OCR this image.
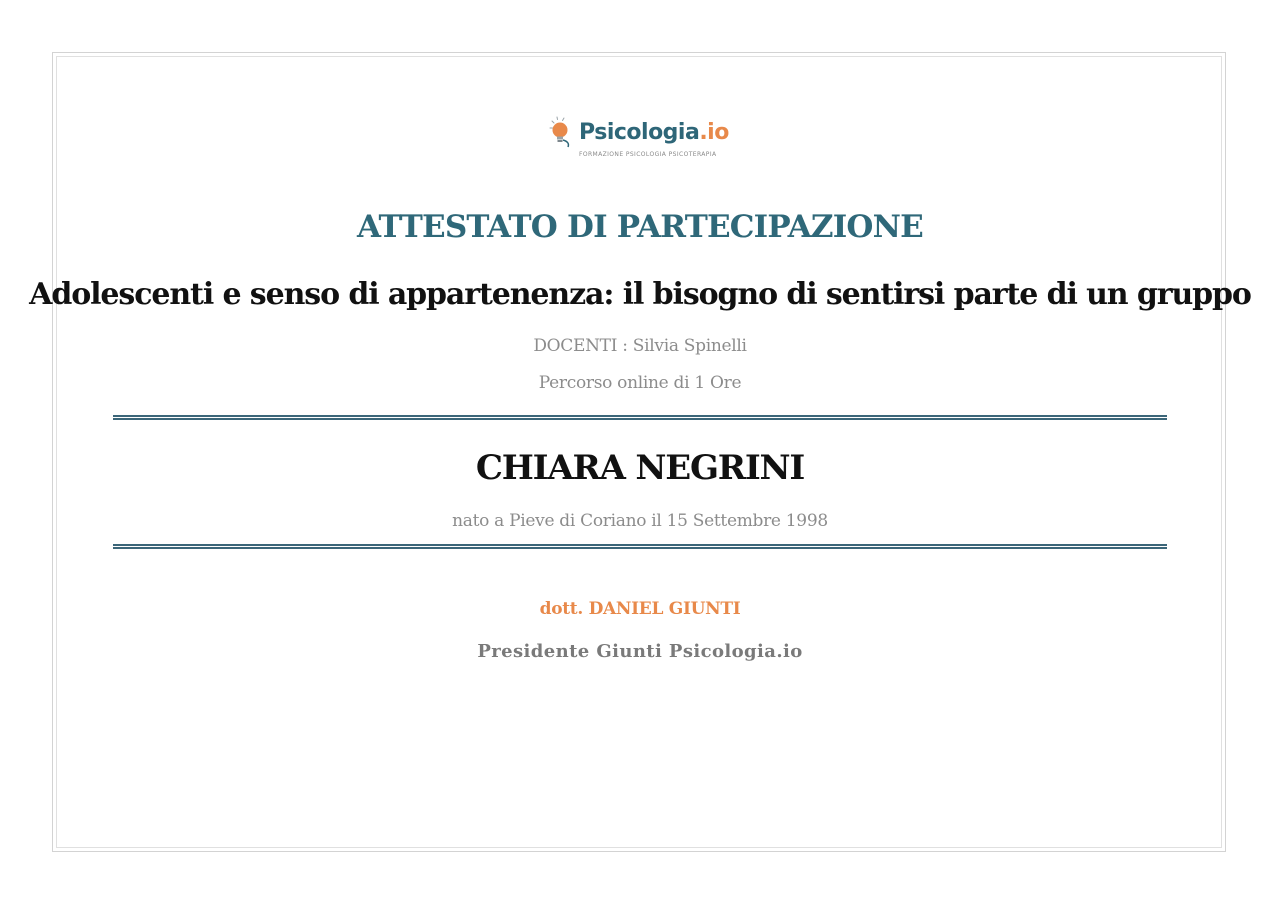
Psicologia.io
FORMAZIONE PSICOLOGIA PSICOTERAPIA
ATTESTATO DI PARTECIPAZIONE
Adolescenti e senso di appartenenza: il bisogno di sentirsi parte di un gruppo
DOCENTI : Silvia Spinelli
Percorso online di 1 Ore
CHIARA NEGRINI
nato a Pieve di Coriano il 15 Settembre 1998
dott. DANIEL GIUNTI
Presidente Giunti Psicologia.io
